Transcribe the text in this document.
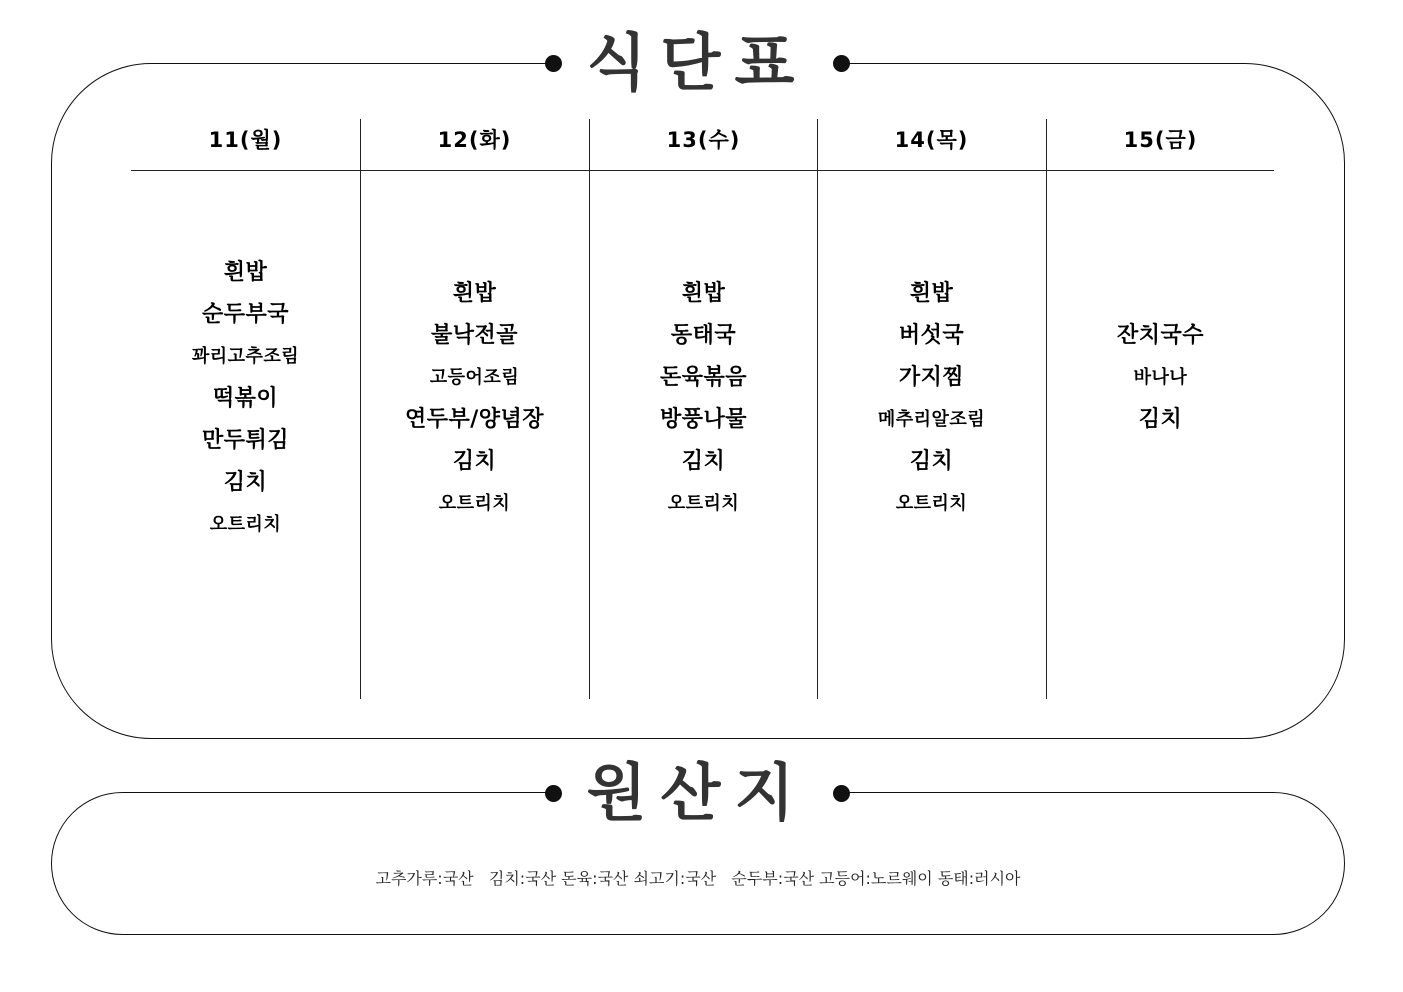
식단표
11(월)
흰밥
순두부국
꽈리고추조림
떡볶이
만두튀김
김치
오트리치
12(화)
흰밥
불낙전골
고등어조림
연두부/양념장
김치
오트리치
13(수)
흰밥
동태국
돈육볶음
방풍나물
김치
오트리치
14(목)
흰밥
버섯국
가지찜
메추리알조림
김치
오트리치
15(금)
잔치국수
바나나
김치
원산지
고추가루:국산   김치:국산 돈육:국산 쇠고기:국산   순두부:국산 고등어:노르웨이 동태:러시아
